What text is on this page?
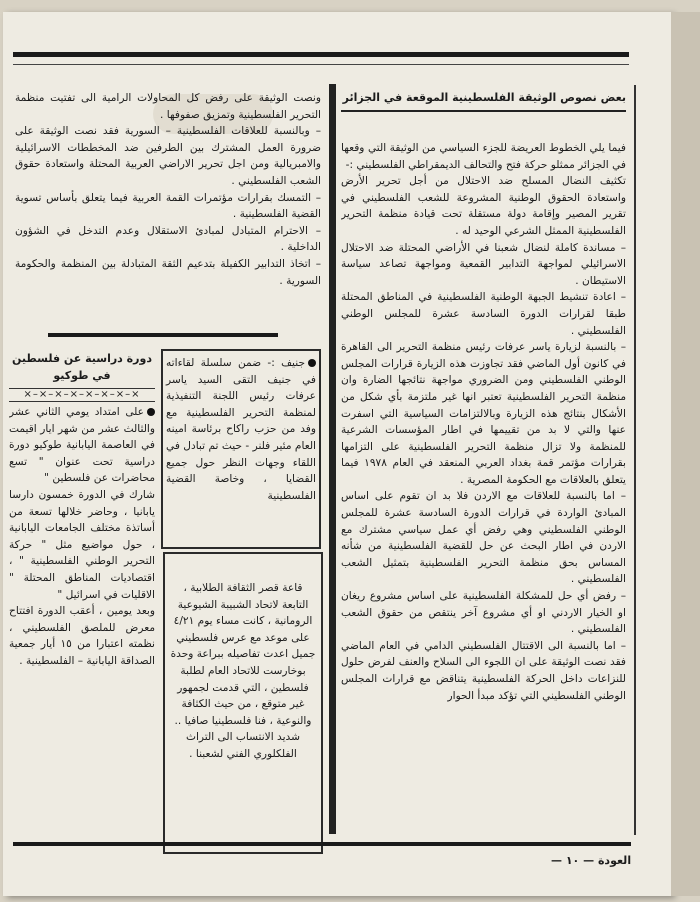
بعض نصوص الوثيقة الفلسطينية الموقعة في الجزائر

فيما يلي الخطوط العريضة للجزء السياسي من الوثيقة التي وقعها في الجزائر ممثلو حركة فتح والتحالف الديمقراطي الفلسطيني :-

تكثيف النضال المسلح ضد الاحتلال من أجل تحرير الأرض واستعادة الحقوق الوطنية المشروعة للشعب الفلسطيني في تقرير المصير وإقامة دولة مستقلة تحت قيادة منظمة التحرير الفلسطينية الممثل الشرعي الوحيد له .

– مساندة كاملة لنضال شعبنا في الأراضي المحتلة ضد الاحتلال الاسرائيلي لمواجهة التدابير القمعية ومواجهة تصاعد سياسة الاستيطان .

– اعادة تنشيط الجبهة الوطنية الفلسطينية في المناطق المحتلة طبقا لقرارات الدورة السادسة عشرة للمجلس الوطني الفلسطيني .

– بالنسبة لزيارة ياسر عرفات رئيس منظمة التحرير الى القاهرة في كانون أول الماضي فقد تجاوزت هذه الزيارة قرارات المجلس الوطني الفلسطيني ومن الضروري مواجهة نتائجها الضارة وان منظمة التحرير الفلسطينية تعتبر انها غير ملتزمة بأي شكل من الأشكال بنتائج هذه الزيارة وبالالتزامات السياسية التي اسفرت عنها والتي لا بد من تقييمها في اطار المؤسسات الشرعية للمنظمة ولا تزال منظمة التحرير الفلسطينية على التزامها بقرارات مؤتمر قمة بغداد العربي المنعقد في العام ١٩٧٨ فيما يتعلق بالعلاقات مع الحكومة المصرية .

– اما بالنسبة للعلاقات مع الاردن فلا بد ان تقوم على اساس المبادئ الواردة في قرارات الدورة السادسة عشرة للمجلس الوطني الفلسطيني وهي رفض أي عمل سياسي مشترك مع الاردن في اطار البحث عن حل للقضية الفلسطينية من شأنه المساس بحق منظمة التحرير الفلسطينية بتمثيل الشعب الفلسطيني .

– رفض أي حل للمشكلة الفلسطينية على اساس مشروع ريغان او الخيار الاردني او أي مشروع آخر ينتقص من حقوق الشعب الفلسطيني .

– اما بالنسبة الى الاقتتال الفلسطيني الدامي في العام الماضي فقد نصت الوثيقة على ان اللجوء الى السلاح والعنف لفرض حلول للنزاعات داخل الحركة الفلسطينية يتناقض مع قرارات المجلس الوطني الفلسطيني التي تؤكد مبدأ الحوار

ونصت الوثيقة على رفض كل المحاولات الرامية الى تفتيت منظمة التحرير الفلسطينية وتمزيق صفوفها .

– وبالنسبة للعلاقات الفلسطينية – السورية فقد نصت الوثيقة على ضرورة العمل المشترك بين الطرفين ضد المخططات الاسرائيلية والامبريالية ومن اجل تحرير الاراضي العربية المحتلة واستعادة حقوق الشعب الفلسطيني .

– التمسك بقرارات مؤتمرات القمة العربية فيما يتعلق بأساس تسوية القضية الفلسطينية .

– الاحترام المتبادل لمبادئ الاستقلال وعدم التدخل في الشؤون الداخلية .

– اتخاذ التدابير الكفيلة بتدعيم الثقة المتبادلة بين المنظمة والحكومة السورية .

جنيف :- ضمن سلسلة لقاءاته في جنيف التقى السيد ياسر عرفات رئيس اللجنة التنفيذية لمنظمة التحرير الفلسطينية مع وفد من حزب راكاح برئاسة امينه العام مئير فلنر - حيث تم تبادل في اللقاء وجهات النظر حول جميع القضايا ، وخاصة القضية الفلسطينية

قاعة قصر الثقافة الطلابية ، التابعة لاتحاد الشبيبة الشيوعية الرومانية ، كانت مساء يوم ٤/٢١ على موعد مع عرس فلسطيني جميل اعدت تفاصيله ببراعة وحدة بوخارست للاتحاد العام لطلبة فلسطين ، التي قدمت لجمهور غير متوقع ، من حيث الكثافة والنوعية ، فنا فلسطينيا صافيا .. شديد الانتساب الى التراث الفلكلوري الفني لشعبنا .

دورة دراسية عن فلسطين في طوكيو

×–×–×–×–×–×–×–×

على امتداد يومي الثاني عشر والثالث عشر من شهر ايار اقيمت في العاصمة اليابانية طوكيو دورة دراسية تحت عنوان " تسع محاضرات عن فلسطين "

شارك في الدورة خمسون دارسا يابانيا ، وحاضر خلالها تسعة من أساتذة مختلف الجامعات اليابانية ، حول مواضيع مثل " حركة التحرير الوطني الفلسطينية " ، اقتصاديات المناطق المحتلة " الاقليات في اسرائيل "

وبعد يومين ، أعقب الدورة افتتاح معرض للملصق الفلسطيني ، نظمته اعتبارا من ١٥ أيار جمعية الصداقة اليابانية – الفلسطينية .

العودة — ١٠ —
